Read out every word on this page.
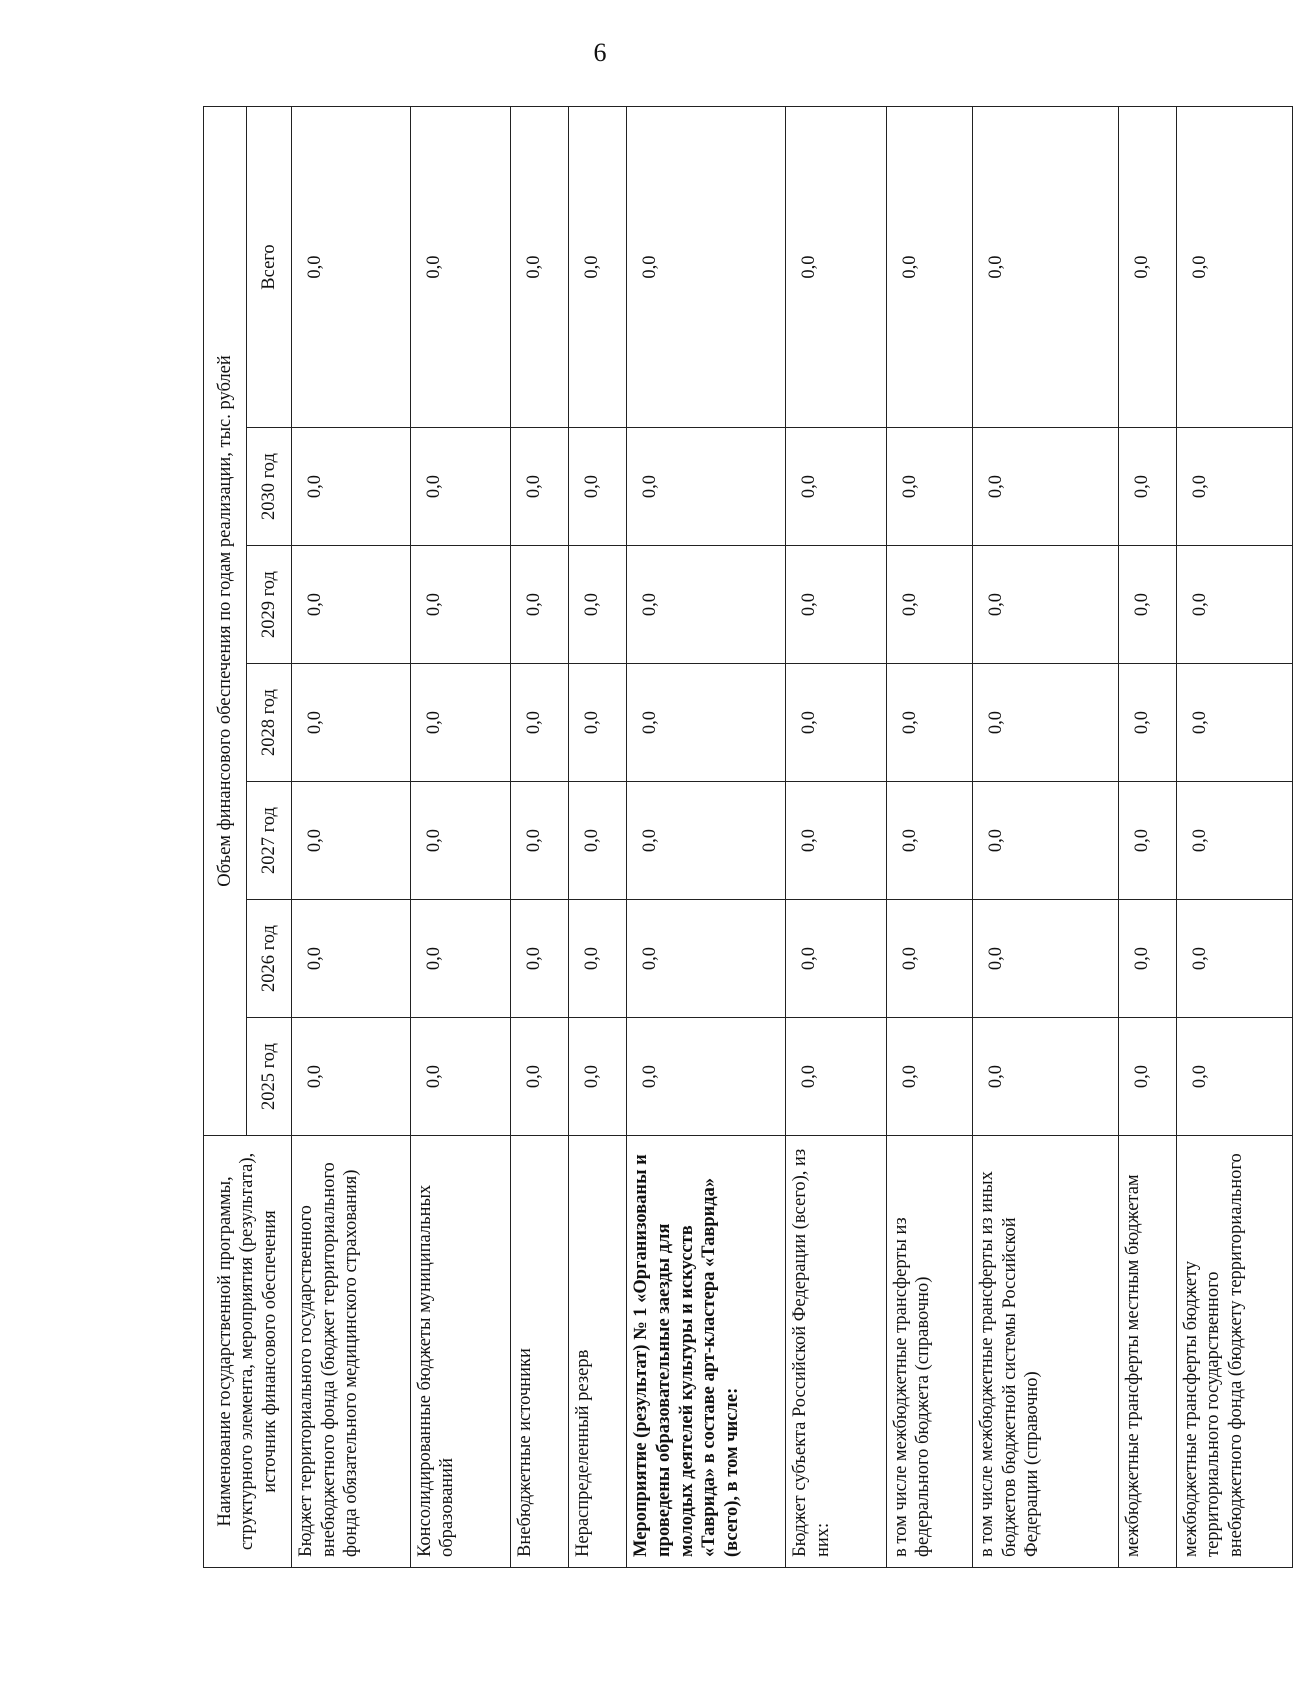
6
Наименование государственной программы, структурного элемента, мероприятия (результата), источник финансового обеспечения	Объем финансового обеспечения по годам реализации, тыс. рублей						
	2025 год	2026 год	2027 год	2028 год	2029 год	2030 год	Всего
Бюджет территориального государственного внебюджетного фонда (бюджет территориального фонда обязательного медицинского страхования)	0,0	0,0	0,0	0,0	0,0	0,0	0,0
Консолидированные бюджеты муниципальных образований	0,0	0,0	0,0	0,0	0,0	0,0	0,0
Внебюджетные источники	0,0	0,0	0,0	0,0	0,0	0,0	0,0
Нераспределенный резерв	0,0	0,0	0,0	0,0	0,0	0,0	0,0
Мероприятие (результат) № 1 «Организованы и проведены образовательные заезды для молодых деятелей культуры и искусств «Таврида» в составе арт-кластера «Таврида» (всего), в том числе:	0,0	0,0	0,0	0,0	0,0	0,0	0,0
Бюджет субъекта Российской Федерации (всего), из них:	0,0	0,0	0,0	0,0	0,0	0,0	0,0
в том числе межбюджетные трансферты из федерального бюджета (справочно)	0,0	0,0	0,0	0,0	0,0	0,0	0,0
в том числе межбюджетные трансферты из иных бюджетов бюджетной системы Российской Федерации (справочно)	0,0	0,0	0,0	0,0	0,0	0,0	0,0
межбюджетные трансферты местным бюджетам	0,0	0,0	0,0	0,0	0,0	0,0	0,0
межбюджетные трансферты бюджету территориального государственного внебюджетного фонда (бюджету территориального	0,0	0,0	0,0	0,0	0,0	0,0	0,0
